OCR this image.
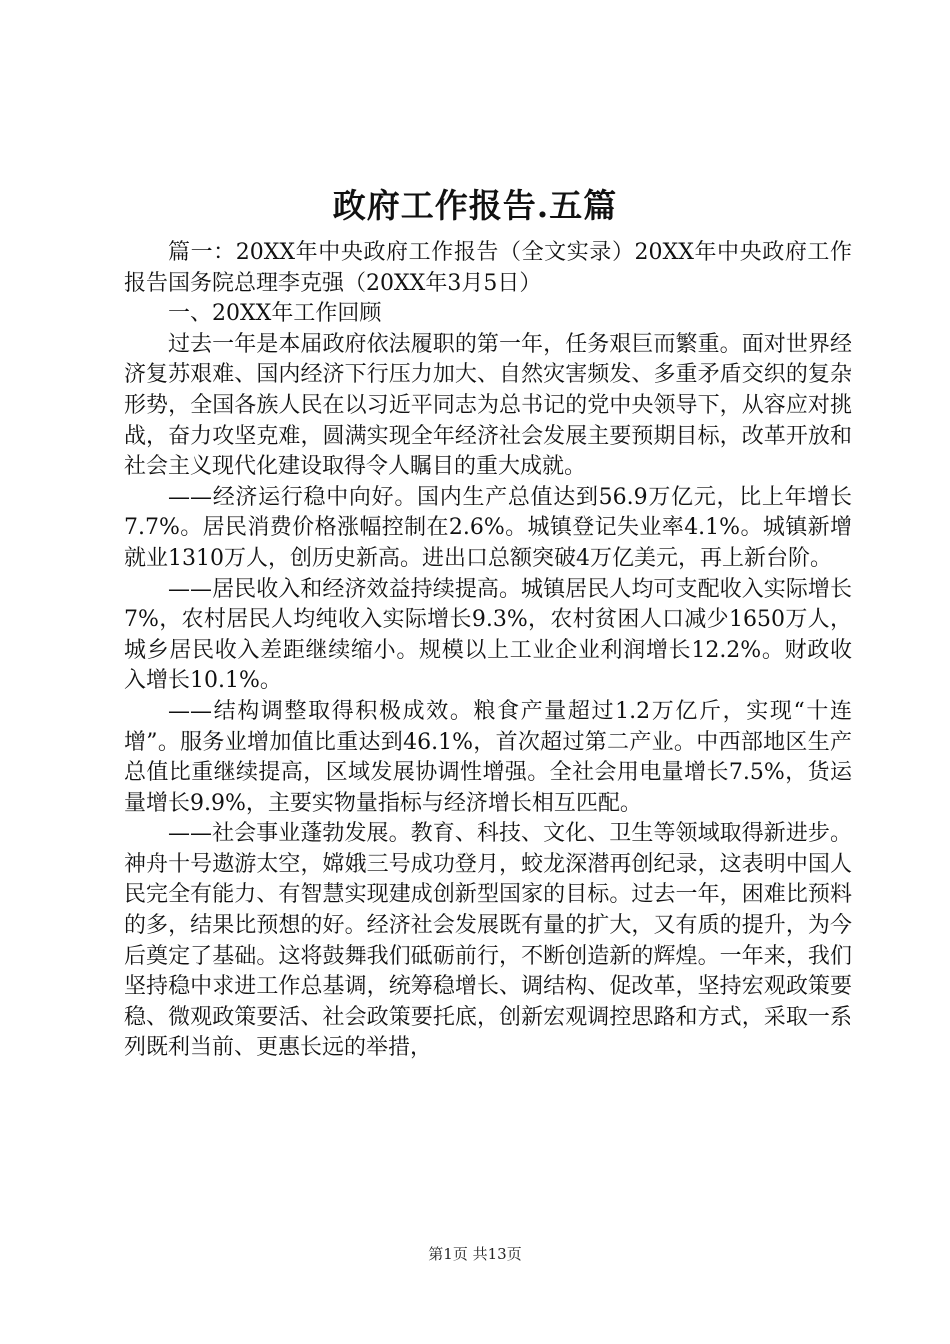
政府工作报告.五篇

篇一：20XX年中央政府工作报告（全文实录）20XX年中央政府工作报告国务院总理李克强（20XX年3月5日）

一、20XX年工作回顾

过去一年是本届政府依法履职的第一年，任务艰巨而繁重。面对世界经济复苏艰难、国内经济下行压力加大、自然灾害频发、多重矛盾交织的复杂形势，全国各族人民在以习近平同志为总书记的党中央领导下，从容应对挑战，奋力攻坚克难，圆满实现全年经济社会发展主要预期目标，改革开放和社会主义现代化建设取得令人瞩目的重大成就。

——经济运行稳中向好。国内生产总值达到56.9万亿元，比上年增长7.7%。居民消费价格涨幅控制在2.6%。城镇登记失业率4.1%。城镇新增就业1310万人，创历史新高。进出口总额突破4万亿美元，再上新台阶。

——居民收入和经济效益持续提高。城镇居民人均可支配收入实际增长7%，农村居民人均纯收入实际增长9.3%，农村贫困人口减少1650万人，城乡居民收入差距继续缩小。规模以上工业企业利润增长12.2%。财政收入增长10.1%。

——结构调整取得积极成效。粮食产量超过1.2万亿斤，实现“十连增”。服务业增加值比重达到46.1%，首次超过第二产业。中西部地区生产总值比重继续提高，区域发展协调性增强。全社会用电量增长7.5%，货运量增长9.9%，主要实物量指标与经济增长相互匹配。

——社会事业蓬勃发展。教育、科技、文化、卫生等领域取得新进步。神舟十号遨游太空，嫦娥三号成功登月，蛟龙深潜再创纪录，这表明中国人民完全有能力、有智慧实现建成创新型国家的目标。过去一年，困难比预料的多，结果比预想的好。经济社会发展既有量的扩大，又有质的提升，为今后奠定了基础。这将鼓舞我们砥砺前行，不断创造新的辉煌。一年来，我们坚持稳中求进工作总基调，统筹稳增长、调结构、促改革，坚持宏观政策要稳、微观政策要活、社会政策要托底，创新宏观调控思路和方式，采取一系列既利当前、更惠长远的举措，

第1页 共13页
